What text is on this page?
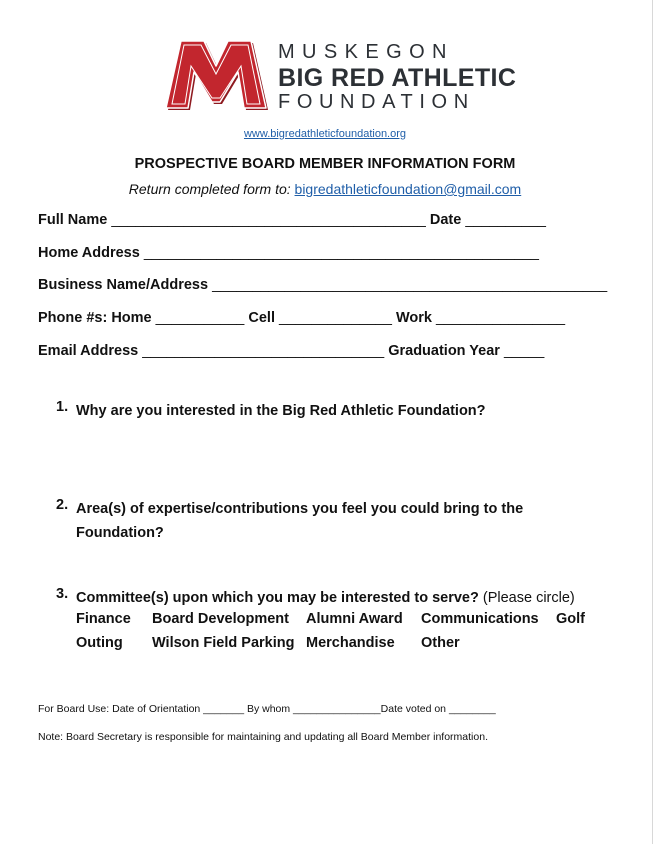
MUSKEGON
BIG RED ATHLETIC
FOUNDATION
www.bigredathleticfoundation.org
PROSPECTIVE BOARD MEMBER INFORMATION FORM
Return completed form to: bigredathleticfoundation@gmail.com
Full Name _______________________________________ Date __________
Home Address _________________________________________________
Business Name/Address _________________________________________________
Phone #s: Home ___________ Cell ______________ Work ________________
Email Address ______________________________ Graduation Year _____
1. Why are you interested in the Big Red Athletic Foundation?
2. Area(s) of expertise/contributions you feel you could bring to the Foundation?
3. Committee(s) upon which you may be interested to serve? (Please circle)
Finance Board Development Alumni Award Communications Golf
Outing Wilson Field Parking Merchandise Other
For Board Use: Date of Orientation _______ By whom _______________Date voted on ________
Note: Board Secretary is responsible for maintaining and updating all Board Member information.
